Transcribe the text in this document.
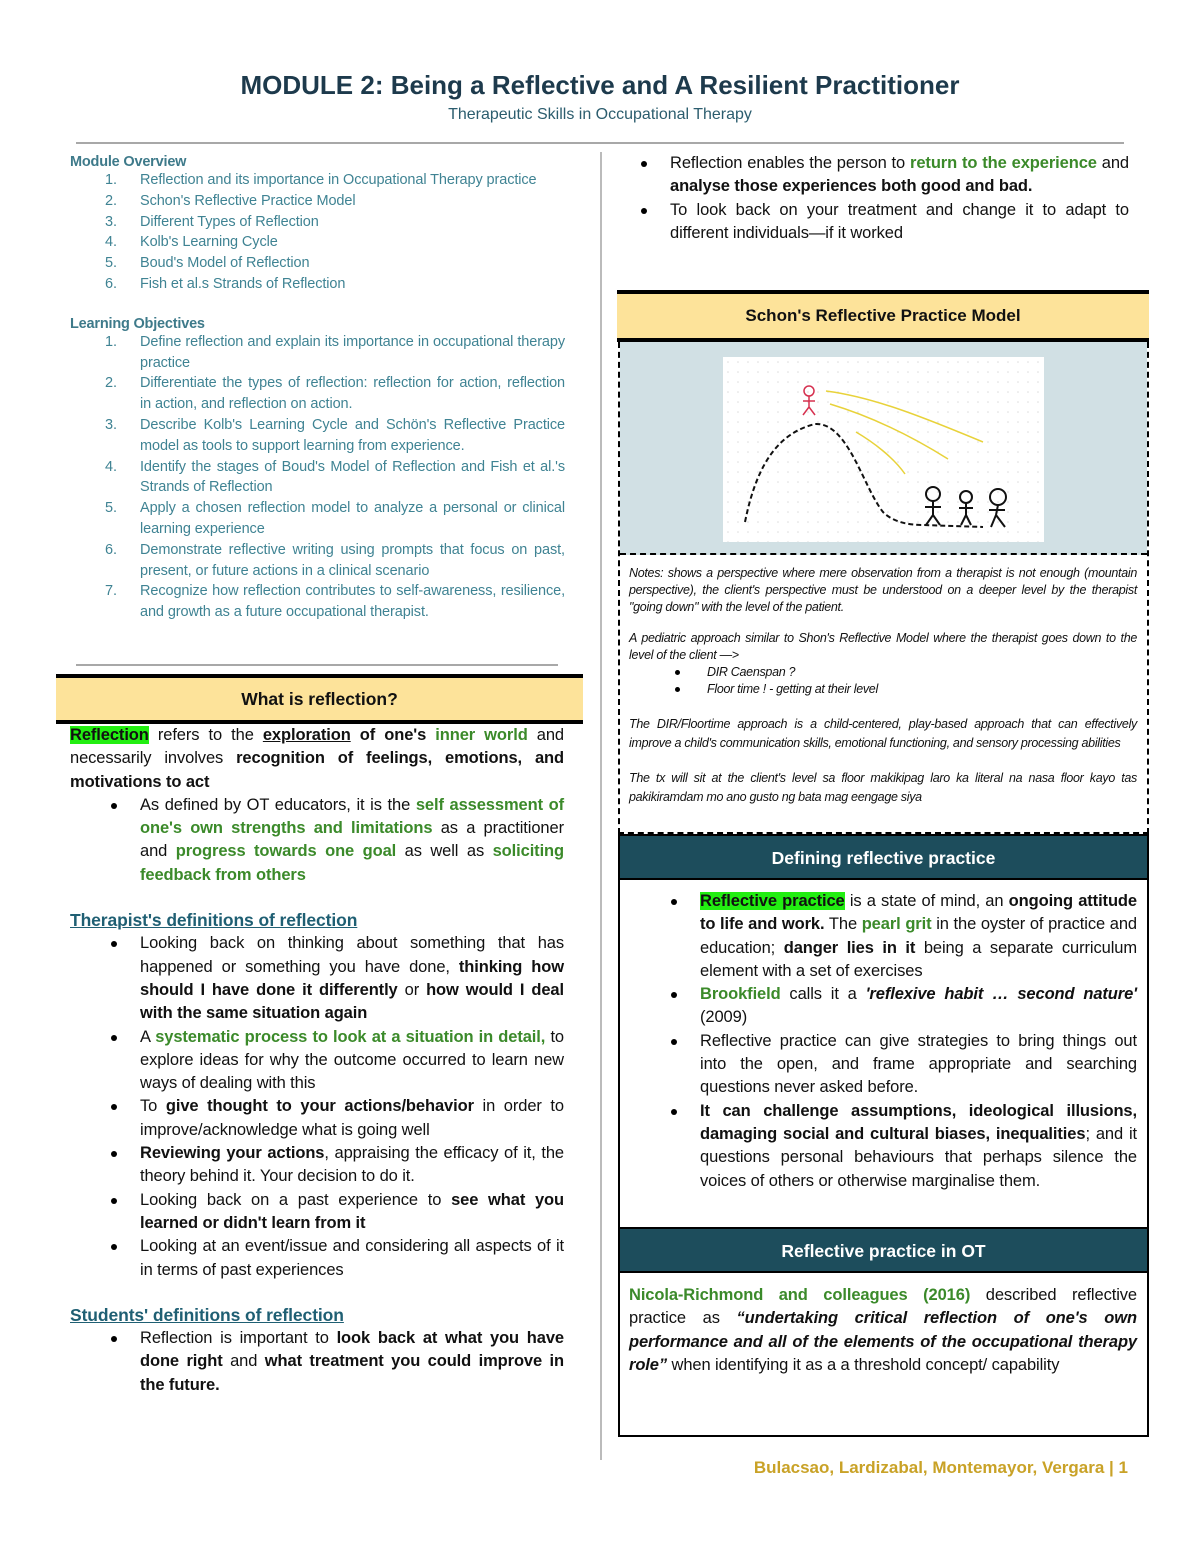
MODULE 2: Being a Reflective and A Resilient Practitioner
Therapeutic Skills in Occupational Therapy
Module Overview
1. Reflection and its importance in Occupational Therapy practice
2. Schon's Reflective Practice Model
3. Different Types of Reflection
4. Kolb's Learning Cycle
5. Boud's Model of Reflection
6. Fish et al.s Strands of Reflection
Learning Objectives
1. Define reflection and explain its importance in occupational therapy practice
2. Differentiate the types of reflection: reflection for action, reflection in action, and reflection on action.
3. Describe Kolb's Learning Cycle and Schön's Reflective Practice model as tools to support learning from experience.
4. Identify the stages of Boud's Model of Reflection and Fish et al.'s Strands of Reflection
5. Apply a chosen reflection model to analyze a personal or clinical learning experience
6. Demonstrate reflective writing using prompts that focus on past, present, or future actions in a clinical scenario
7. Recognize how reflection contributes to self-awareness, resilience, and growth as a future occupational therapist.
What is reflection?

Reflection refers to the exploration of one's inner world and necessarily involves recognition of feelings, emotions, and motivations to act

As defined by OT educators, it is the self assessment of one's own strengths and limitations as a practitioner and progress towards one goal as well as soliciting feedback from others
Therapist's definitions of reflection
Looking back on thinking about something that has happened or something you have done, thinking how should I have done it differently or how would I deal with the same situation again
A systematic process to look at a situation in detail, to explore ideas for why the outcome occurred to learn new ways of dealing with this
To give thought to your actions/behavior in order to improve/acknowledge what is going well
Reviewing your actions, appraising the efficacy of it, the theory behind it. Your decision to do it.
Looking back on a past experience to see what you learned or didn't learn from it
Looking at an event/issue and considering all aspects of it in terms of past experiences
Students' definitions of reflection
Reflection is important to look back at what you have done right and what treatment you could improve in the future.
Reflection enables the person to return to the experience and analyse those experiences both good and bad.
To look back on your treatment and change it to adapt to different individuals—if it worked
Schon's Reflective Practice Model

Notes: shows a perspective where mere observation from a therapist is not enough (mountain perspective), the client's perspective must be understood on a deeper level by the therapist "going down" with the level of the patient.

A pediatric approach similar to Shon's Reflective Model where the therapist goes down to the level of the client —>

DIR Caenspan ?
Floor time ! - getting at their level

The DIR/Floortime approach is a child-centered, play-based approach that can effectively improve a child's communication skills, emotional functioning, and sensory processing abilities

The tx will sit at the client's level sa floor makikipag laro ka literal na nasa floor kayo tas pakikiramdam mo ano gusto ng bata mag eengage siya

Defining reflective practice
Reflective practice is a state of mind, an ongoing attitude to life and work. The pearl grit in the oyster of practice and education; danger lies in it being a separate curriculum element with a set of exercises
Brookfield calls it a 'reflexive habit … second nature' (2009)
Reflective practice can give strategies to bring things out into the open, and frame appropriate and searching questions never asked before.
It can challenge assumptions, ideological illusions, damaging social and cultural biases, inequalities; and it questions personal behaviours that perhaps silence the voices of others or otherwise marginalise them.
Reflective practice in OT

Nicola-Richmond and colleagues (2016) described reflective practice as “undertaking critical reflection of one's own performance and all of the elements of the occupational therapy role” when identifying it as a a threshold concept/ capability

Bulacsao, Lardizabal, Montemayor, Vergara | 1
